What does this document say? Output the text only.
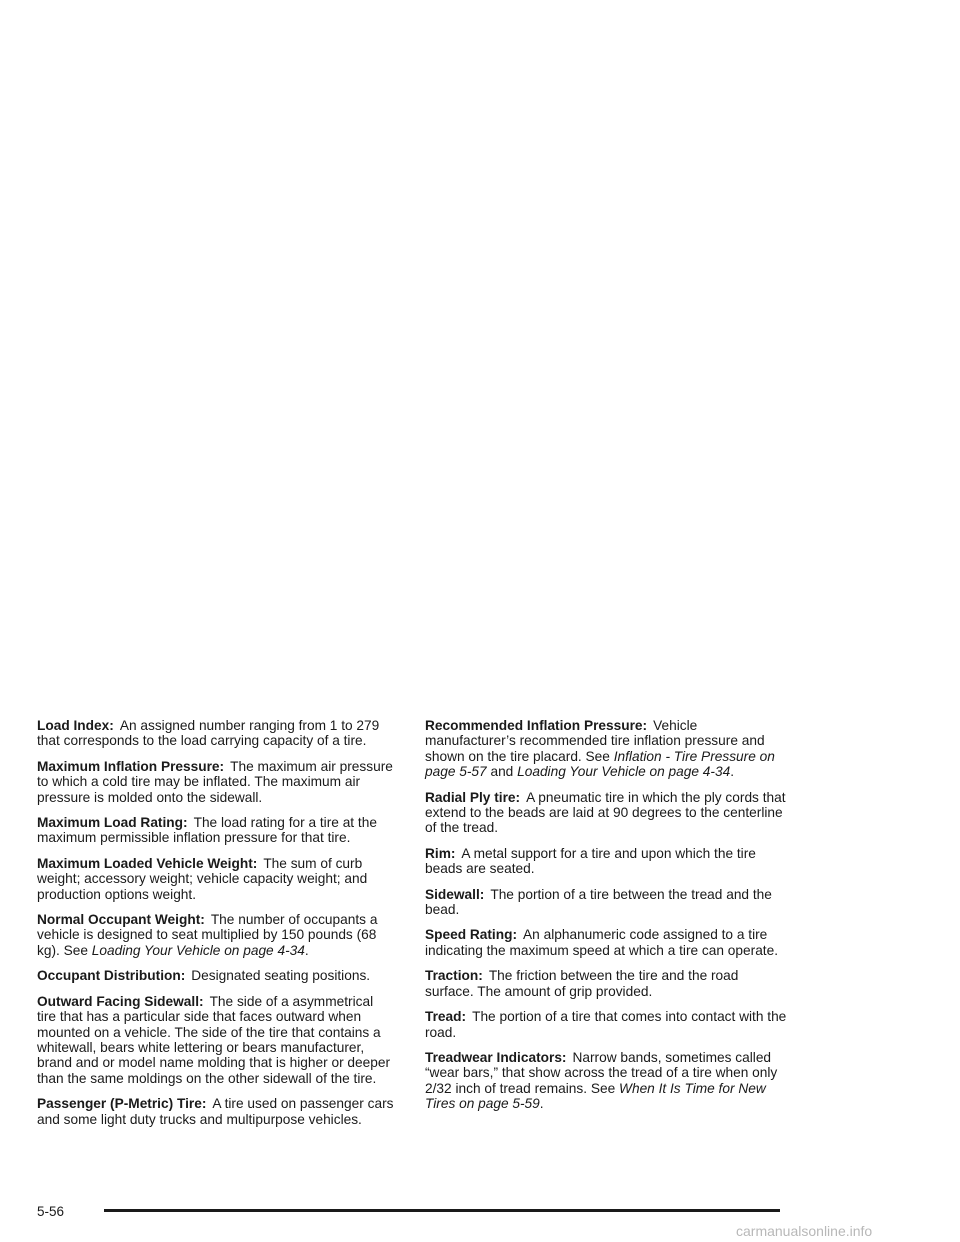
Load Index: An assigned number ranging from 1 to 279 that corresponds to the load carrying capacity of a tire.

Maximum Inflation Pressure: The maximum air pressure to which a cold tire may be inflated. The maximum air pressure is molded onto the sidewall.

Maximum Load Rating: The load rating for a tire at the maximum permissible inflation pressure for that tire.

Maximum Loaded Vehicle Weight: The sum of curb weight; accessory weight; vehicle capacity weight; and production options weight.

Normal Occupant Weight: The number of occupants a vehicle is designed to seat multiplied by 150 pounds (68 kg). See Loading Your Vehicle on page 4-34.

Occupant Distribution: Designated seating positions.

Outward Facing Sidewall: The side of a asymmetrical tire that has a particular side that faces outward when mounted on a vehicle. The side of the tire that contains a whitewall, bears white lettering or bears manufacturer, brand and or model name molding that is higher or deeper than the same moldings on the other sidewall of the tire.

Passenger (P-Metric) Tire: A tire used on passenger cars and some light duty trucks and multipurpose vehicles.

Recommended Inflation Pressure: Vehicle manufacturer’s recommended tire inflation pressure and shown on the tire placard. See Inflation - Tire Pressure on page 5-57 and Loading Your Vehicle on page 4-34.

Radial Ply tire: A pneumatic tire in which the ply cords that extend to the beads are laid at 90 degrees to the centerline of the tread.

Rim: A metal support for a tire and upon which the tire beads are seated.

Sidewall: The portion of a tire between the tread and the bead.

Speed Rating: An alphanumeric code assigned to a tire indicating the maximum speed at which a tire can operate.

Traction: The friction between the tire and the road surface. The amount of grip provided.

Tread: The portion of a tire that comes into contact with the road.

Treadwear Indicators: Narrow bands, sometimes called “wear bars,” that show across the tread of a tire when only 2/32 inch of tread remains. See When It Is Time for New Tires on page 5-59.

5-56
carmanualsonline.info
